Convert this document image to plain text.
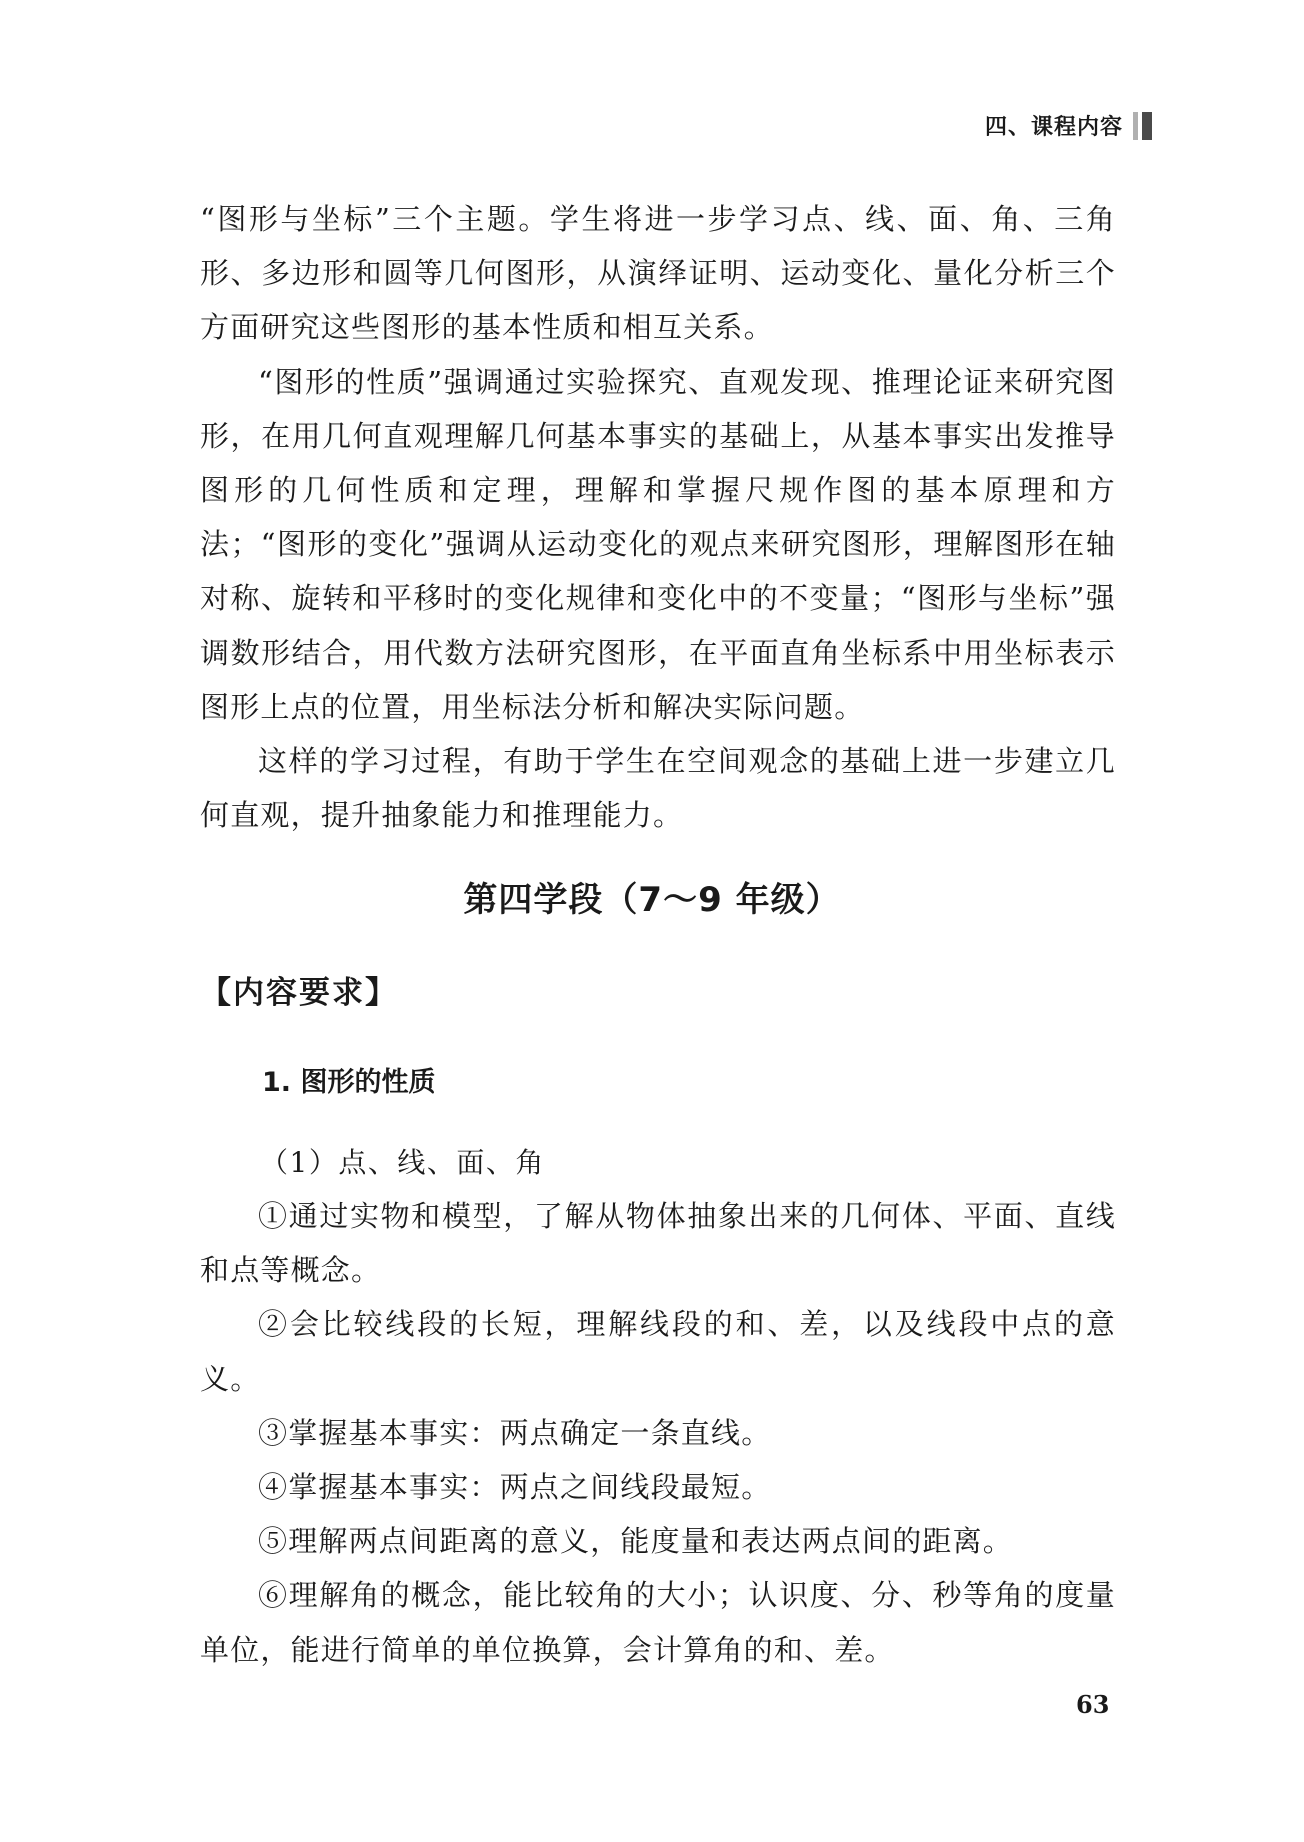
四、课程内容

“图形与坐标”三个主题。学生将进一步学习点、线、面、角、三角形、多边形和圆等几何图形，从演绎证明、运动变化、量化分析三个方面研究这些图形的基本性质和相互关系。

“图形的性质”强调通过实验探究、直观发现、推理论证来研究图形，在用几何直观理解几何基本事实的基础上，从基本事实出发推导图形的几何性质和定理，理解和掌握尺规作图的基本原理和方法；“图形的变化”强调从运动变化的观点来研究图形，理解图形在轴对称、旋转和平移时的变化规律和变化中的不变量；“图形与坐标”强调数形结合，用代数方法研究图形，在平面直角坐标系中用坐标表示图形上点的位置，用坐标法分析和解决实际问题。

这样的学习过程，有助于学生在空间观念的基础上进一步建立几何直观，提升抽象能力和推理能力。

第四学段（7～9 年级）
【内容要求】
1. 图形的性质
（1）点、线、面、角

①通过实物和模型，了解从物体抽象出来的几何体、平面、直线和点等概念。

②会比较线段的长短，理解线段的和、差，以及线段中点的意义。

③掌握基本事实：两点确定一条直线。

④掌握基本事实：两点之间线段最短。

⑤理解两点间距离的意义，能度量和表达两点间的距离。

⑥理解角的概念，能比较角的大小；认识度、分、秒等角的度量单位，能进行简单的单位换算，会计算角的和、差。

63
